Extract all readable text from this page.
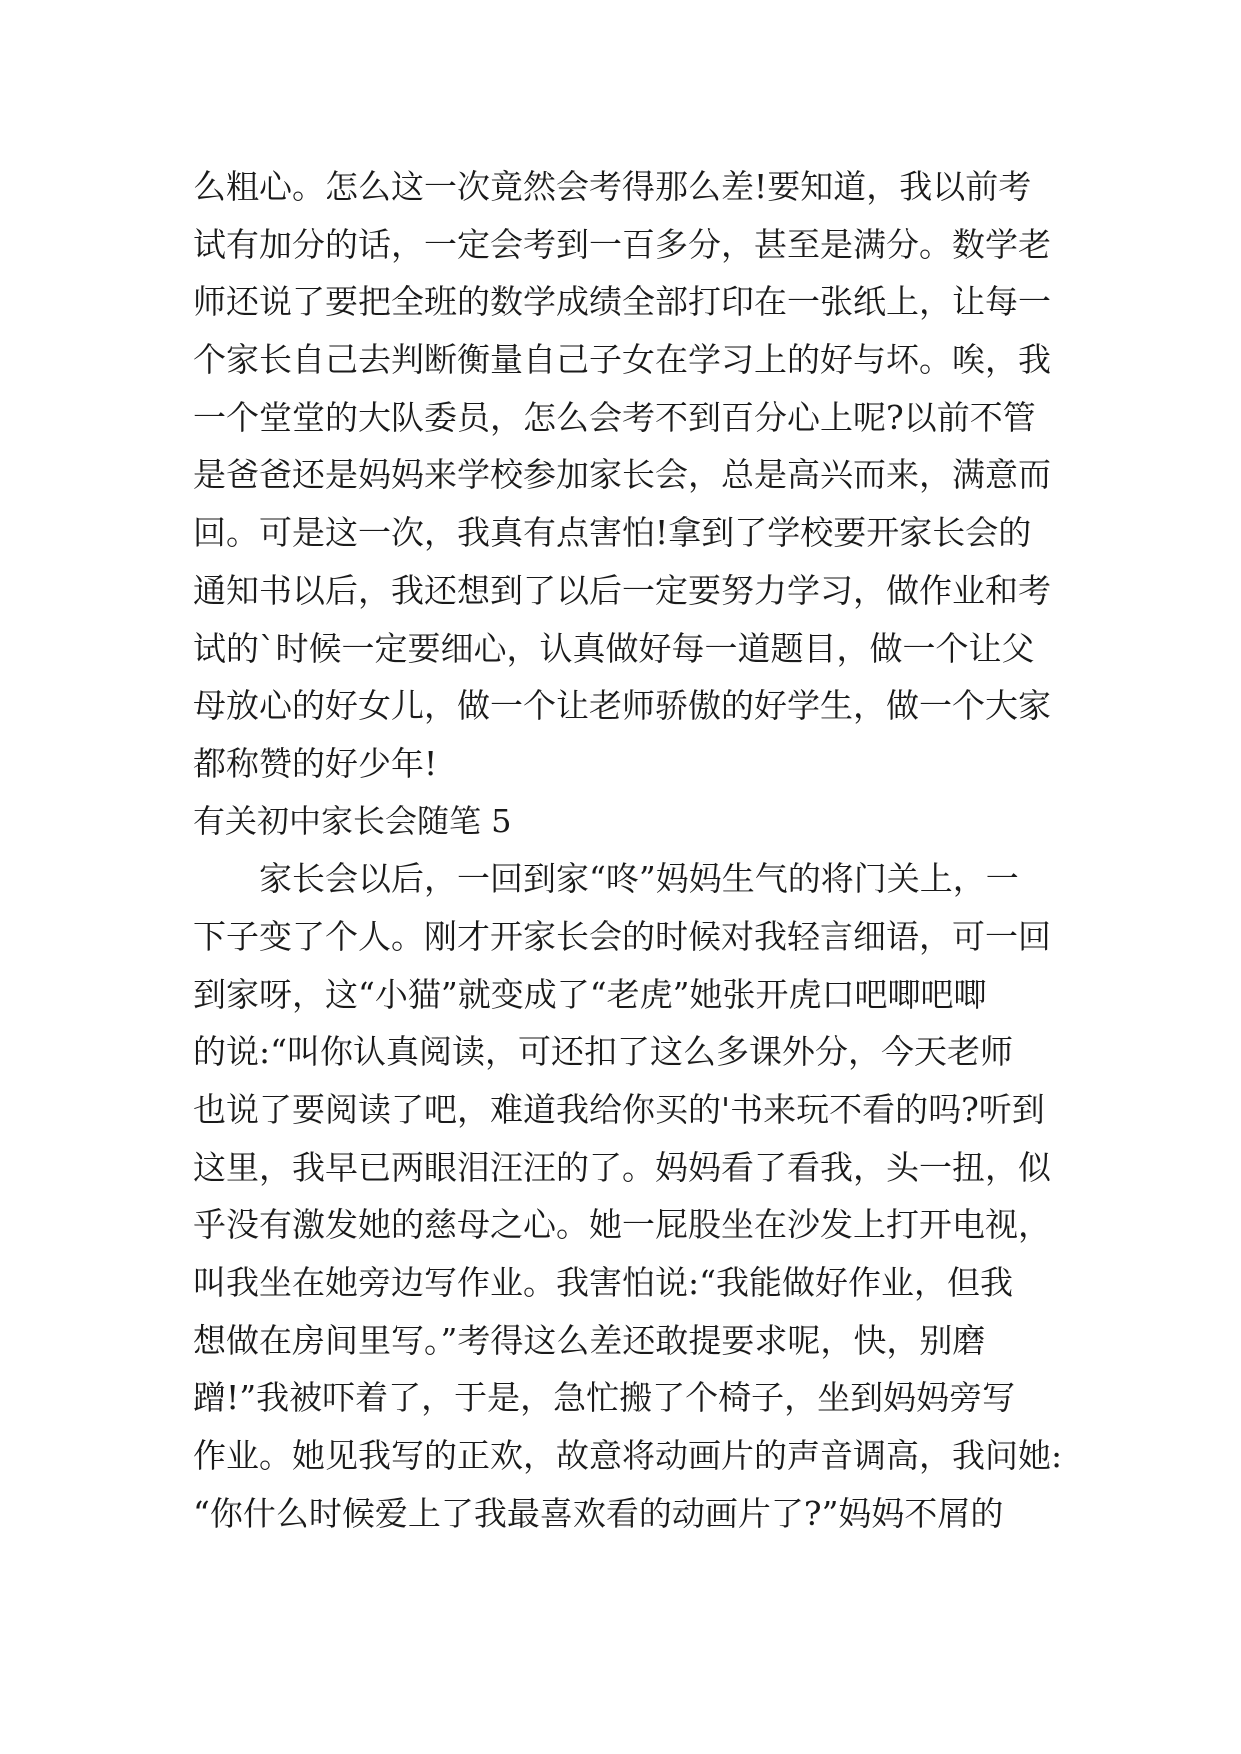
么粗心。怎么这一次竟然会考得那么差!要知道，我以前考
试有加分的话，一定会考到一百多分，甚至是满分。数学老
师还说了要把全班的数学成绩全部打印在一张纸上，让每一
个家长自己去判断衡量自己子女在学习上的好与坏。唉，我
一个堂堂的大队委员，怎么会考不到百分心上呢?以前不管
是爸爸还是妈妈来学校参加家长会，总是高兴而来，满意而
回。可是这一次，我真有点害怕!拿到了学校要开家长会的
通知书以后，我还想到了以后一定要努力学习，做作业和考
试的`时候一定要细心，认真做好每一道题目，做一个让父
母放心的好女儿，做一个让老师骄傲的好学生，做一个大家
都称赞的好少年!
有关初中家长会随笔 5
家长会以后，一回到家“咚”妈妈生气的将门关上，一
下子变了个人。刚才开家长会的时候对我轻言细语，可一回
到家呀，这“小猫”就变成了“老虎”她张开虎口吧唧吧唧
的说:“叫你认真阅读，可还扣了这么多课外分，今天老师
也说了要阅读了吧，难道我给你买的'书来玩不看的吗?听到
这里，我早已两眼泪汪汪的了。妈妈看了看我，头一扭，似
乎没有激发她的慈母之心。她一屁股坐在沙发上打开电视，
叫我坐在她旁边写作业。我害怕说:“我能做好作业，但我
想做在房间里写。”考得这么差还敢提要求呢，快，别磨
蹭!”我被吓着了，于是，急忙搬了个椅子，坐到妈妈旁写
作业。她见我写的正欢，故意将动画片的声音调高，我问她:
“你什么时候爱上了我最喜欢看的动画片了?”妈妈不屑的
